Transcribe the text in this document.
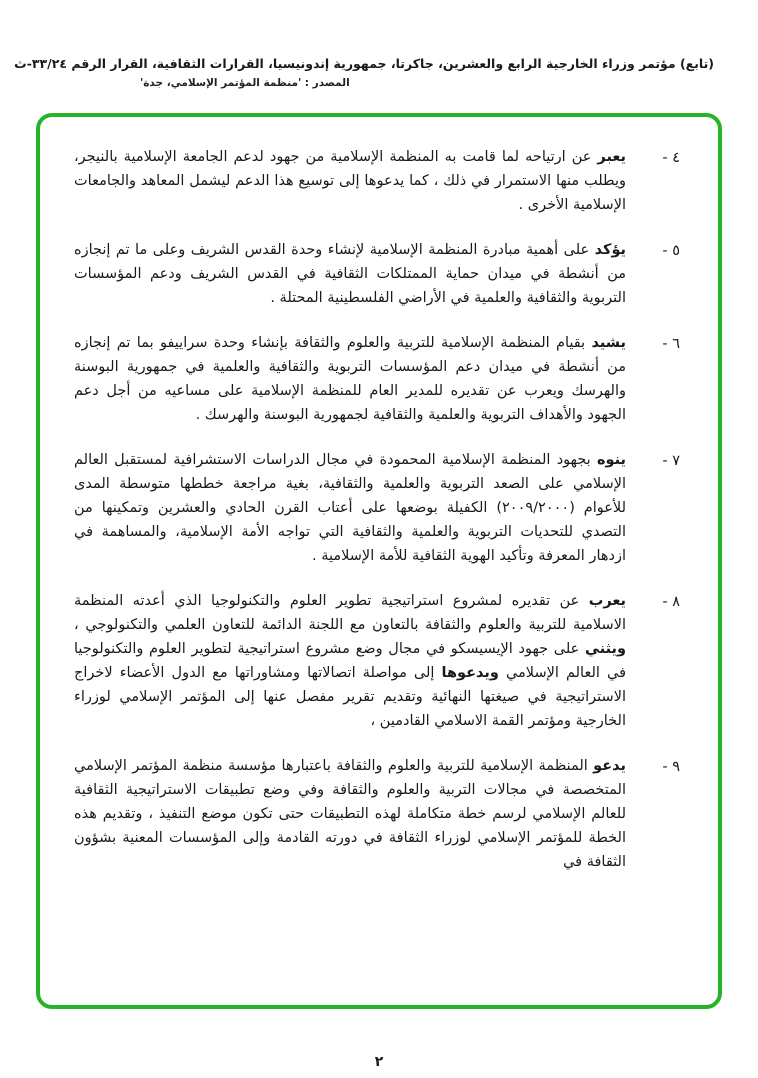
(تابع) مؤتمر وزراء الخارجية الرابع والعشرين، جاكرتا، جمهورية إندونيسيا، القرارات الثقافية، القرار الرقم ٣٣/٢٤-ث
المصدر : 'منظمة المؤتمر الإسلامي، جدة'
٤ -
يعبر عن ارتياحه لما قامت به المنظمة الإسلامية من جهود لدعم الجامعة الإسلامية بالنيجر، ويطلب منها الاستمرار في ذلك ، كما يدعوها إلى توسيع هذا الدعم ليشمل المعاهد والجامعات الإسلامية الأخرى .
٥ -
يؤكد على أهمية مبادرة المنظمة الإسلامية لإنشاء وحدة القدس الشريف وعلى ما تم إنجازه من أنشطة في ميدان حماية الممتلكات الثقافية في القدس الشريف ودعم المؤسسات التربوية والثقافية والعلمية في الأراضي الفلسطينية المحتلة .
٦ -
يشيد بقيام المنظمة الإسلامية للتربية والعلوم والثقافة بإنشاء وحدة سراييفو بما تم إنجازه من أنشطة في ميدان دعم المؤسسات التربوية والثقافية والعلمية في جمهورية البوسنة والهرسك ويعرب عن تقديره للمدير العام للمنظمة الإسلامية على مساعيه من أجل دعم الجهود والأهداف التربوية والعلمية والثقافية لجمهورية البوسنة والهرسك .
٧ -
ينوه بجهود المنظمة الإسلامية المحمودة في مجال الدراسات الاستشرافية لمستقبل العالم الإسلامي على الصعد التربوية والعلمية والثقافية، بغية مراجعة خططها متوسطة المدى للأعوام (٢٠٠٩/٢٠٠٠) الكفيلة بوضعها على أعتاب القرن الحادي والعشرين وتمكينها من التصدي للتحديات التربوية والعلمية والثقافية التي تواجه الأمة الإسلامية، والمساهمة في ازدهار المعرفة وتأكيد الهوية الثقافية للأمة الإسلامية .
٨ -
يعرب عن تقديره لمشروع استراتيجية تطوير العلوم والتكنولوجيا الذي أعدته المنظمة الاسلامية للتربية والعلوم والثقافة بالتعاون مع اللجنة الدائمة للتعاون العلمي والتكنولوجي ، ويثني على جهود الإيسيسكو في مجال وضع مشروع استراتيجية لتطوير العلوم والتكنولوجيا في العالم الإسلامي ويدعوها إلى مواصلة اتصالاتها ومشاوراتها مع الدول الأعضاء لاخراج الاستراتيجية في صيغتها النهائية وتقديم تقرير مفصل عنها إلى المؤتمر الإسلامي لوزراء الخارجية ومؤتمر القمة الاسلامي القادمين ،
٩ -
يدعو المنظمة الإسلامية للتربية والعلوم والثقافة باعتبارها مؤسسة منظمة المؤتمر الإسلامي المتخصصة في مجالات التربية والعلوم والثقافة وفي وضع تطبيقات الاستراتيجية الثقافية للعالم الإسلامي لرسم خطة متكاملة لهذه التطبيقات حتى تكون موضع التنفيذ ، وتقديم هذه الخطة للمؤتمر الإسلامي لوزراء الثقافة في دورته القادمة وإلى المؤسسات المعنية بشؤون الثقافة في
٢
